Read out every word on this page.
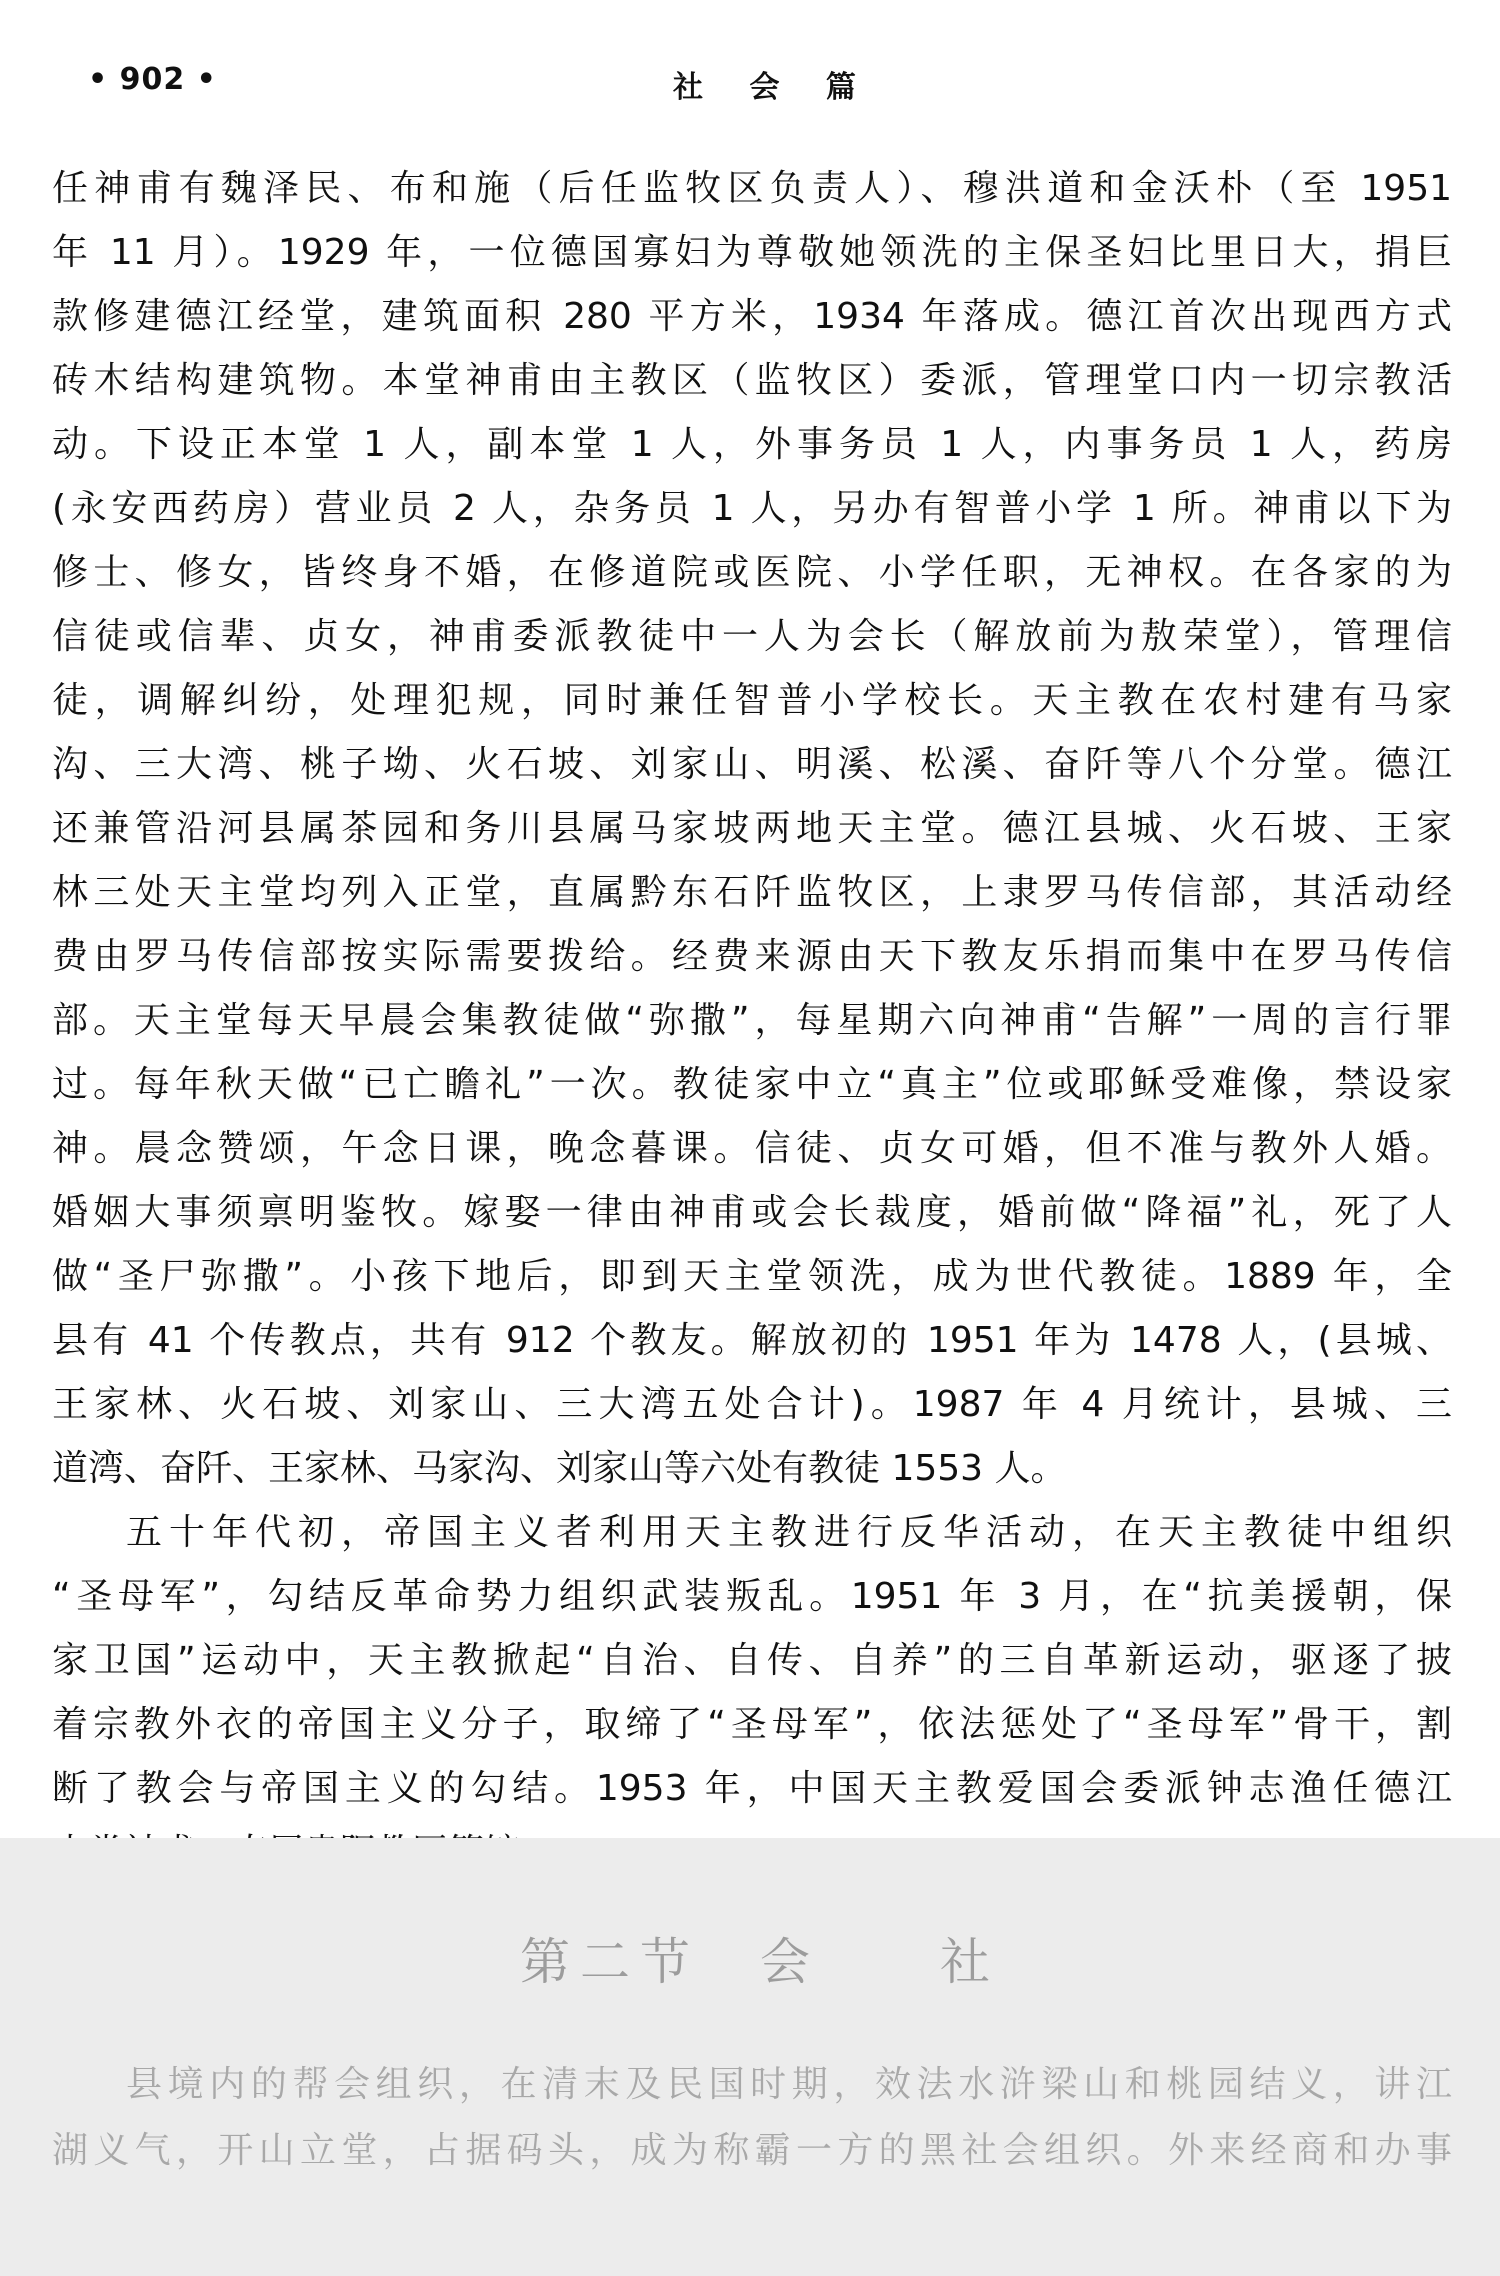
• 902 •	社 会 篇
任神甫有魏泽民、布和施（后任监牧区负责人）、穆洪道和金沃朴（至 1951
年 11 月）。1929 年，一位德国寡妇为尊敬她领洗的主保圣妇比里日大，捐巨
款修建德江经堂，建筑面积 280 平方米，1934 年落成。德江首次出现西方式
砖木结构建筑物。本堂神甫由主教区（监牧区）委派，管理堂口内一切宗教活
动。下设正本堂 1 人，副本堂 1 人，外事务员 1 人，内事务员 1 人，药房
(永安西药房）营业员 2 人，杂务员 1 人，另办有智普小学 1 所。神甫以下为
修士、修女，皆终身不婚，在修道院或医院、小学任职，无神权。在各家的为
信徒或信辈、贞女，神甫委派教徒中一人为会长（解放前为敖荣堂），管理信
徒，调解纠纷，处理犯规，同时兼任智普小学校长。天主教在农村建有马家
沟、三大湾、桃子坳、火石坡、刘家山、明溪、松溪、奋阡等八个分堂。德江
还兼管沿河县属茶园和务川县属马家坡两地天主堂。德江县城、火石坡、王家
林三处天主堂均列入正堂，直属黔东石阡监牧区，上隶罗马传信部，其活动经
费由罗马传信部按实际需要拨给。经费来源由天下教友乐捐而集中在罗马传信
部。天主堂每天早晨会集教徒做“弥撒”，每星期六向神甫“告解”一周的言行罪
过。每年秋天做“已亡瞻礼”一次。教徒家中立“真主”位或耶稣受难像，禁设家
神。晨念赞颂，午念日课，晚念暮课。信徒、贞女可婚，但不准与教外人婚。
婚姻大事须禀明鉴牧。嫁娶一律由神甫或会长裁度，婚前做“降福”礼，死了人
做“圣尸弥撒”。小孩下地后，即到天主堂领洗，成为世代教徒。1889 年，全
县有 41 个传教点，共有 912 个教友。解放初的 1951 年为 1478 人，(县城、
王家林、火石坡、刘家山、三大湾五处合计)。1987 年 4 月统计，县城、三
道湾、奋阡、王家林、马家沟、刘家山等六处有教徒 1553 人。
五十年代初，帝国主义者利用天主教进行反华活动，在天主教徒中组织
“圣母军”，勾结反革命势力组织武装叛乱。1951 年 3 月，在“抗美援朝，保
家卫国”运动中，天主教掀起“自治、自传、自养”的三自革新运动，驱逐了披
着宗教外衣的帝国主义分子，取缔了“圣母军”，依法惩处了“圣母军”骨干，割
断了教会与帝国主义的勾结。1953 年，中国天主教爱国会委派钟志渔任德江
第二节　会　　社
县境内的帮会组织，在清末及民国时期，效法水浒梁山和桃园结义，讲江
湖义气，开山立堂，占据码头，成为称霸一方的黑社会组织。外来经商和办事
